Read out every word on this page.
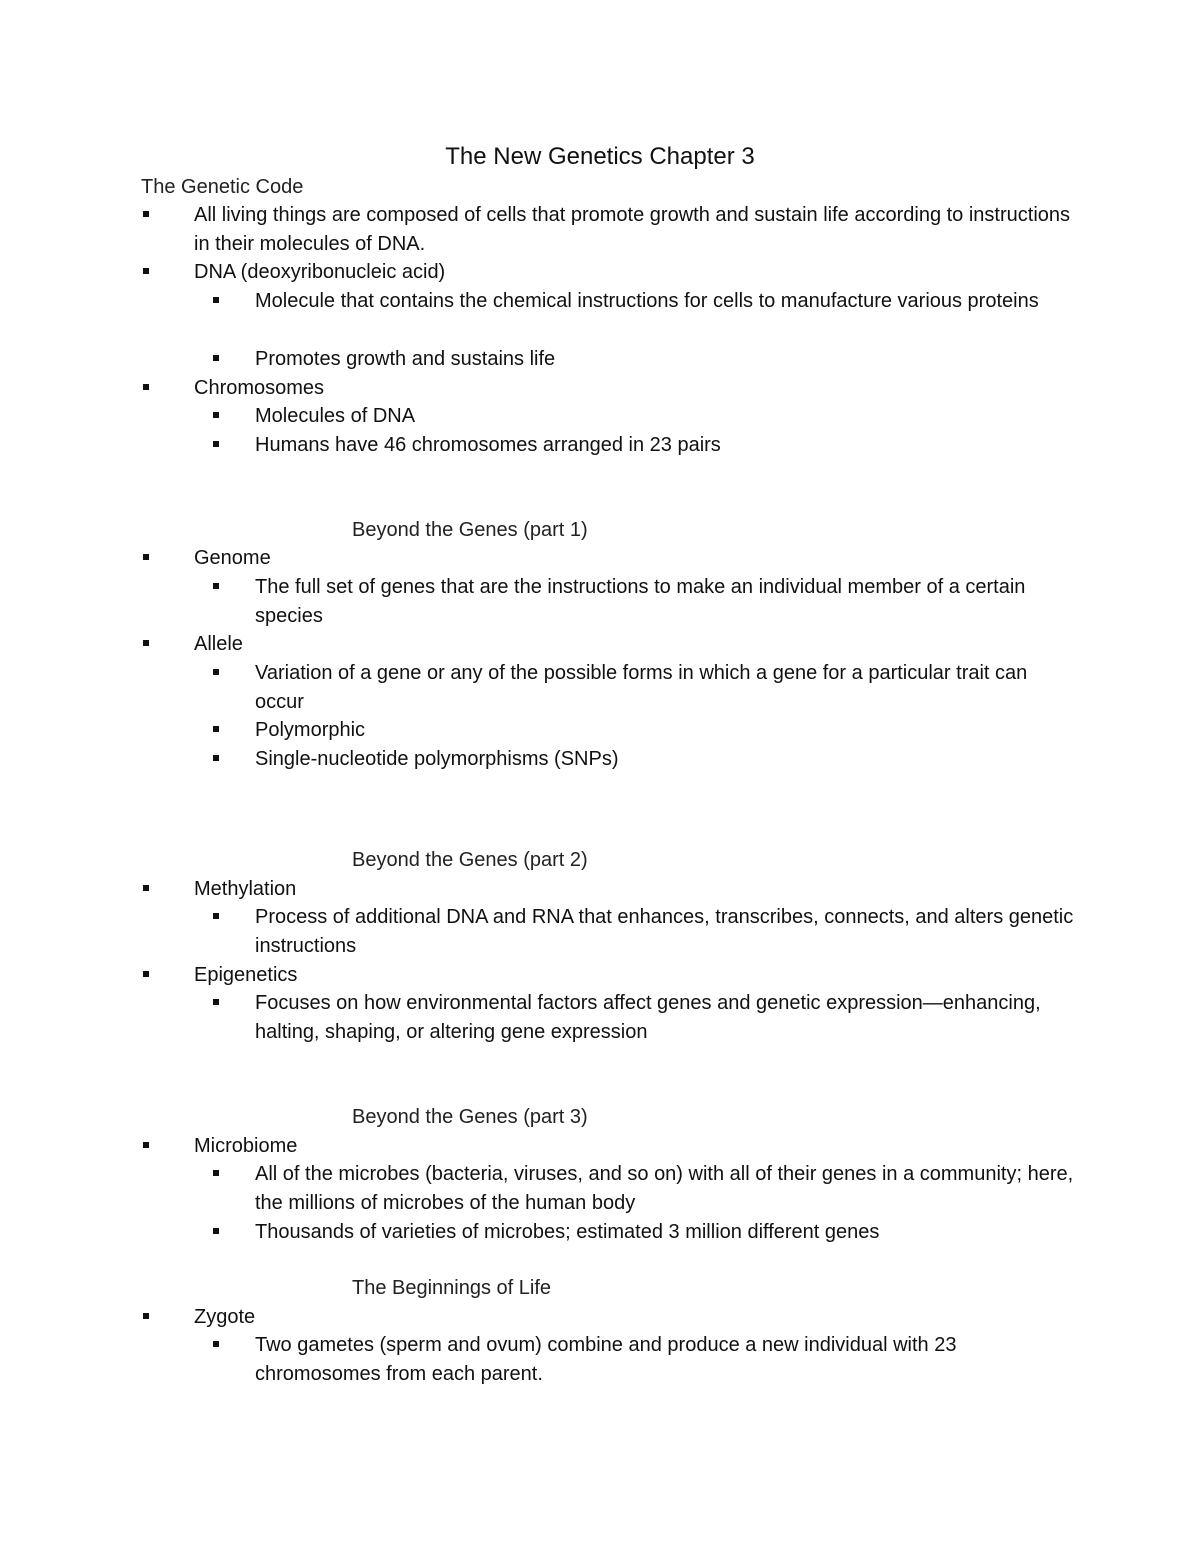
The New Genetics Chapter 3
The Genetic Code
All living things are composed of cells that promote growth and sustain life according to instructions in their molecules of DNA.
DNA (deoxyribonucleic acid)
Molecule that contains the chemical instructions for cells to manufacture various proteins
Promotes growth and sustains life
Chromosomes
Molecules of DNA
Humans have 46 chromosomes arranged in 23 pairs
Beyond the Genes (part 1)
Genome
The full set of genes that are the instructions to make an individual member of a certain species
Allele
Variation of a gene or any of the possible forms in which a gene for a particular trait can occur
Polymorphic
Single-nucleotide polymorphisms (SNPs)
Beyond the Genes (part 2)
Methylation
Process of additional DNA and RNA that enhances, transcribes, connects, and alters genetic instructions
Epigenetics
Focuses on how environmental factors affect genes and genetic expression—enhancing, halting, shaping, or altering gene expression
Beyond the Genes (part 3)
Microbiome
All of the microbes (bacteria, viruses, and so on) with all of their genes in a community; here, the millions of microbes of the human body
Thousands of varieties of microbes; estimated 3 million different genes
The Beginnings of Life
Zygote
Two gametes (sperm and ovum) combine and produce a new individual with 23 chromosomes from each parent.
